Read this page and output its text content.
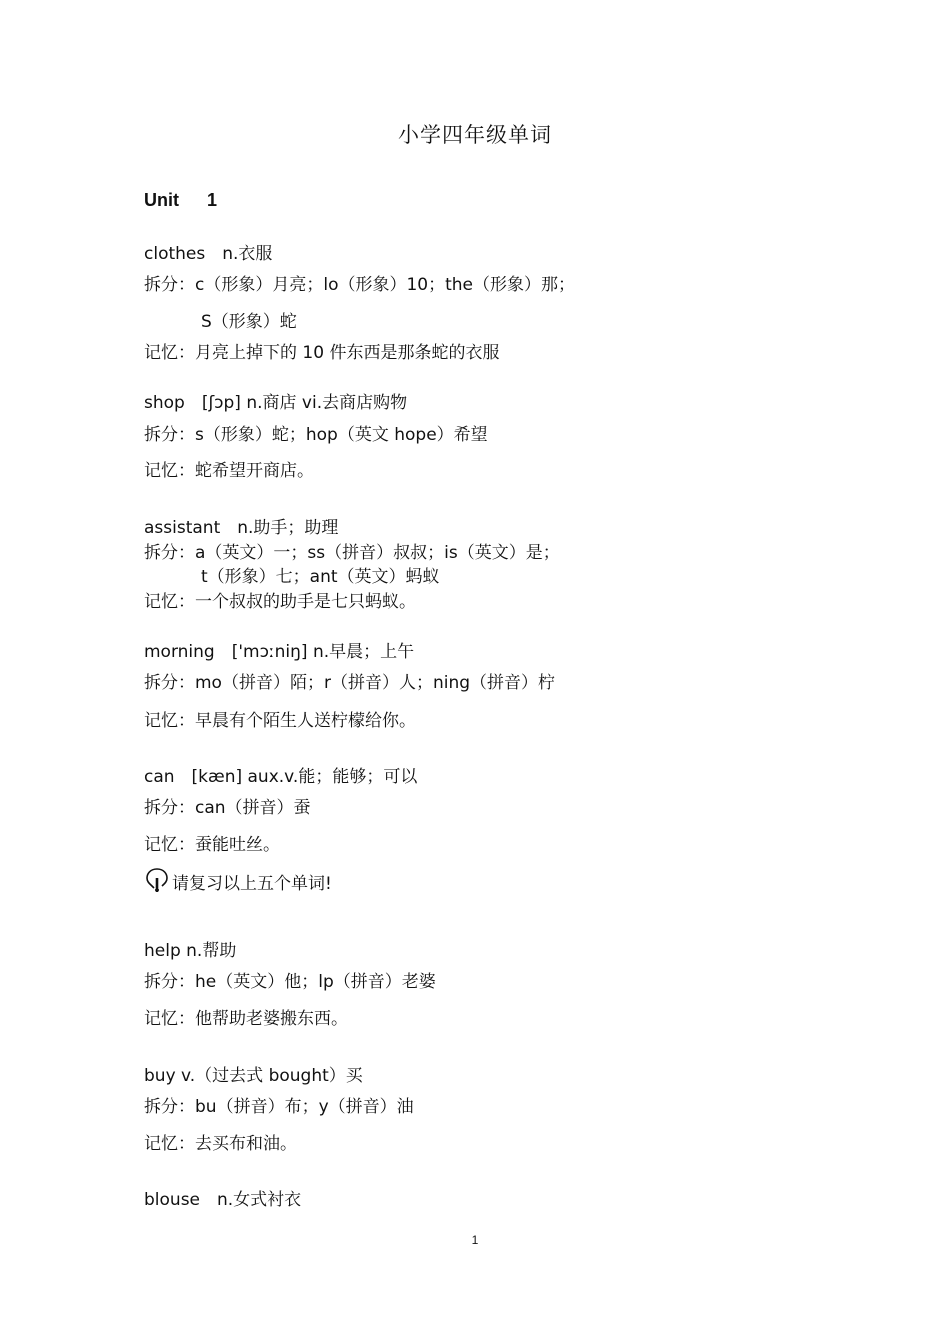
小学四年级单词
Unit 1
clothes　n.衣服
拆分：c（形象）月亮；lo（形象）10；the（形象）那；
S（形象）蛇
记忆：月亮上掉下的 10 件东西是那条蛇的衣服
shop　[ʃɔp] n.商店 vi.去商店购物
拆分：s（形象）蛇；hop（英文 hope）希望
记忆：蛇希望开商店。
assistant　n.助手；助理
拆分：a（英文）一；ss（拼音）叔叔；is（英文）是；
t（形象）七；ant（英文）蚂蚁
记忆：一个叔叔的助手是七只蚂蚁。
morning　['mɔːniŋ] n.早晨；上午
拆分：mo（拼音）陌；r（拼音）人；ning（拼音）柠
记忆：早晨有个陌生人送柠檬给你。
can　[kæn] aux.v.能；能够；可以
拆分：can（拼音）蚕
记忆：蚕能吐丝。
请复习以上五个单词!
help n.帮助
拆分：he（英文）他；lp（拼音）老婆
记忆：他帮助老婆搬东西。
buy v.（过去式 bought）买
拆分：bu（拼音）布；y（拼音）油
记忆：去买布和油。
blouse　n.女式衬衣
1
